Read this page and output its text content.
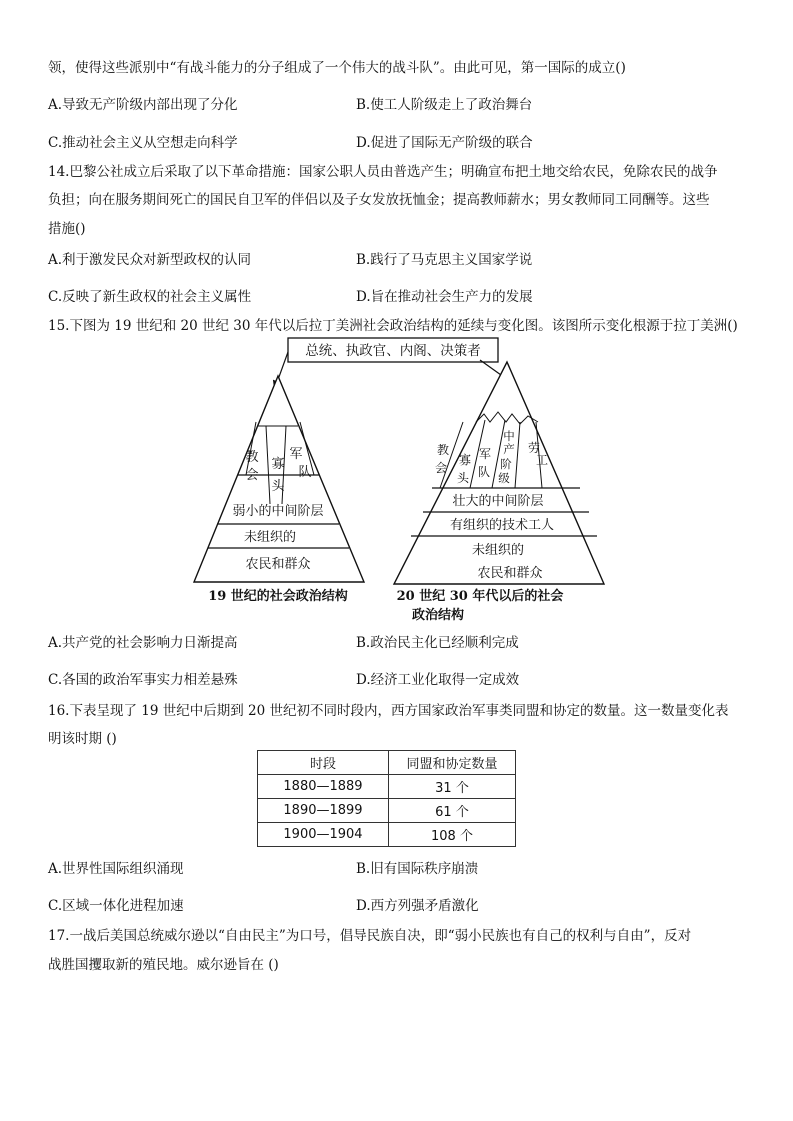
领，使得这些派别中“有战斗能力的分子组成了一个伟大的战斗队”。由此可见，第一国际的成立()
A.导致无产阶级内部出现了分化	B.使工人阶级走上了政治舞台
C.推动社会主义从空想走向科学	D.促进了国际无产阶级的联合
14.巴黎公社成立后采取了以下革命措施：国家公职人员由普选产生；明确宣布把土地交给农民，免除农民的战争
负担；向在服务期间死亡的国民自卫军的伴侣以及子女发放抚恤金；提高教师薪水；男女教师同工同酬等。这些
措施()
A.利于激发民众对新型政权的认同	B.践行了马克思主义国家学说
C.反映了新生政权的社会主义属性	D.旨在推动社会生产力的发展
15.下图为 19 世纪和 20 世纪 30 年代以后拉丁美洲社会政治结构的延续与变化图。该图所示变化根源于拉丁美洲()
总统、执政官、内阁、决策者
教
会
寡
头
军
队
弱小的中间阶层
未组织的
农民和群众
19 世纪的社会政治结构
教
会
寡
头
军
队
中
产
阶
级
劳
工
壮大的中间阶层
有组织的技术工人
未组织的
农民和群众
20 世纪 30 年代以后的社会
政治结构
A.共产党的社会影响力日渐提高	B.政治民主化已经顺利完成
C.各国的政治军事实力相差悬殊	D.经济工业化取得一定成效
16.下表呈现了 19 世纪中后期到 20 世纪初不同时段内，西方国家政治军事类同盟和协定的数量。这一数量变化表
明该时期 ()
时段	同盟和协定数量
1880—1889	31 个
1890—1899	61 个
1900—1904	108 个
A.世界性国际组织涌现	B.旧有国际秩序崩溃
C.区域一体化进程加速	D.西方列强矛盾激化
17.一战后美国总统威尔逊以“自由民主”为口号，倡导民族自决，即“弱小民族也有自己的权利与自由”，反对
战胜国攫取新的殖民地。威尔逊旨在 ()
